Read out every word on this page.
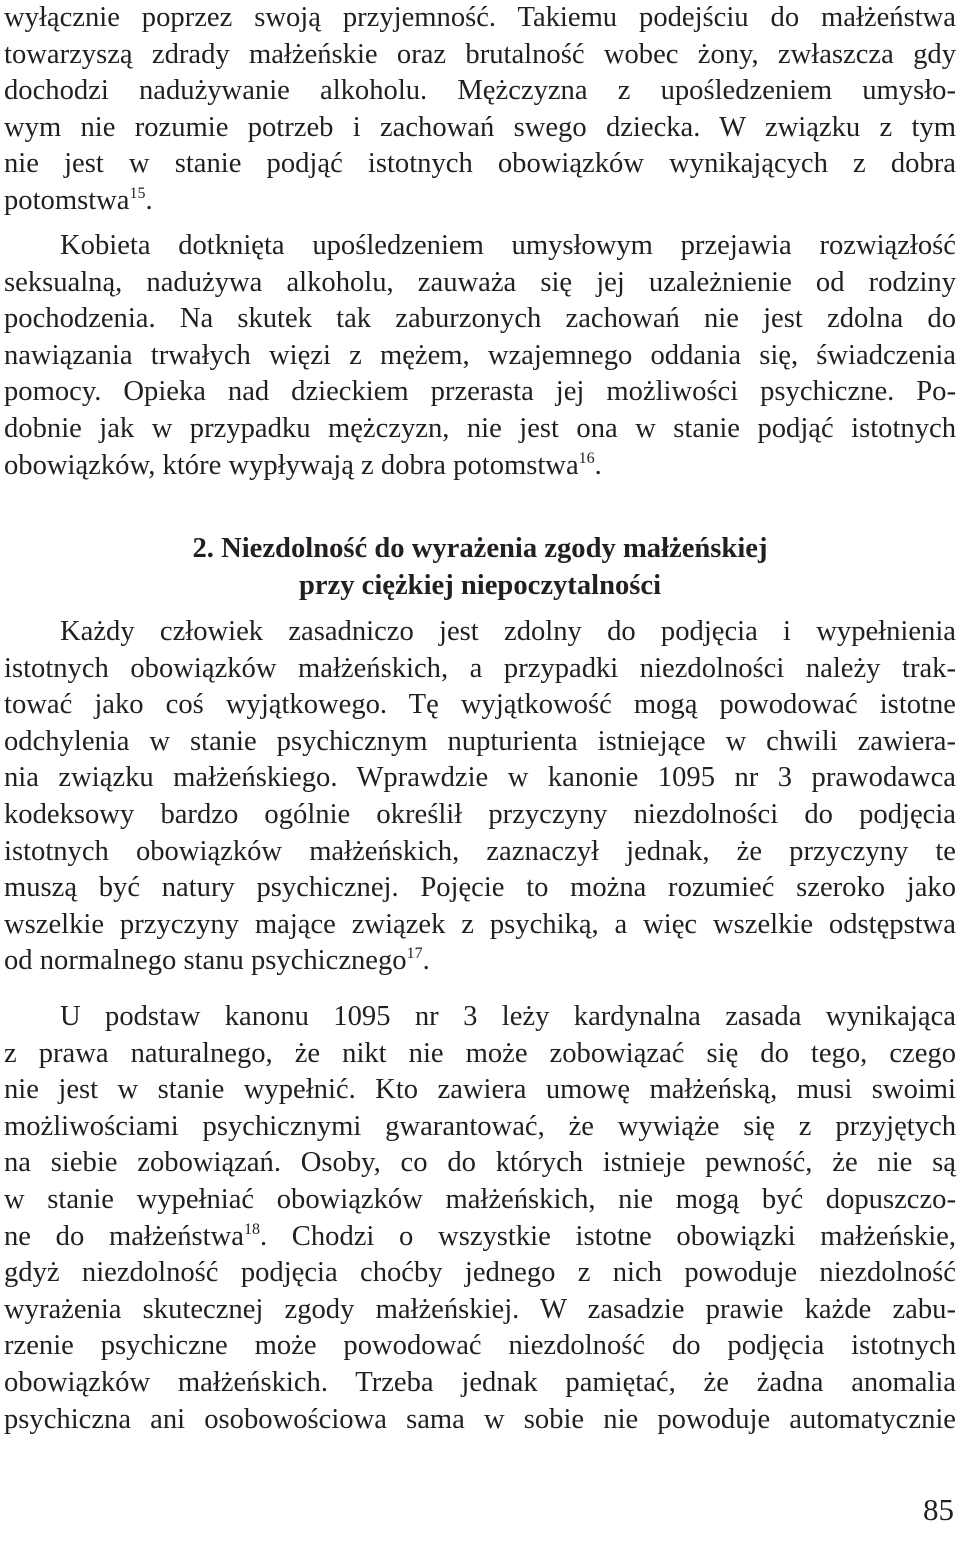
wyłącznie poprzez swoją przyjemność. Takiemu podejściu do małżeństwa
towarzyszą zdrady małżeńskie oraz brutalność wobec żony, zwłaszcza gdy
dochodzi nadużywanie alkoholu. Mężczyzna z upośledzeniem umysło-
wym nie rozumie potrzeb i zachowań swego dziecka. W związku z tym
nie jest w stanie podjąć istotnych obowiązków wynikających z dobra
potomstwa$^{15}$.
Kobieta dotknięta upośledzeniem umysłowym przejawia rozwiązłość
seksualną, nadużywa alkoholu, zauważa się jej uzależnienie od rodziny
pochodzenia. Na skutek tak zaburzonych zachowań nie jest zdolna do
nawiązania trwałych więzi z mężem, wzajemnego oddania się, świadczenia
pomocy. Opieka nad dzieckiem przerasta jej możliwości psychiczne. Po-
dobnie jak w przypadku mężczyzn, nie jest ona w stanie podjąć istotnych
obowiązków, które wypływają z dobra potomstwa$^{16}$.
2. Niezdolność do wyrażenia zgody małżeńskiej
przy ciężkiej niepoczytalności
Każdy człowiek zasadniczo jest zdolny do podjęcia i wypełnienia
istotnych obowiązków małżeńskich, a przypadki niezdolności należy trak-
tować jako coś wyjątkowego. Tę wyjątkowość mogą powodować istotne
odchylenia w stanie psychicznym nupturienta istniejące w chwili zawiera-
nia związku małżeńskiego. Wprawdzie w kanonie 1095 nr 3 prawodawca
kodeksowy bardzo ogólnie określił przyczyny niezdolności do podjęcia
istotnych obowiązków małżeńskich, zaznaczył jednak, że przyczyny te
muszą być natury psychicznej. Pojęcie to można rozumieć szeroko jako
wszelkie przyczyny mające związek z psychiką, a więc wszelkie odstępstwa
od normalnego stanu psychicznego$^{17}$.
U podstaw kanonu 1095 nr 3 leży kardynalna zasada wynikająca
z prawa naturalnego, że nikt nie może zobowiązać się do tego, czego
nie jest w stanie wypełnić. Kto zawiera umowę małżeńską, musi swoimi
możliwościami psychicznymi gwarantować, że wywiąże się z przyjętych
na siebie zobowiązań. Osoby, co do których istnieje pewność, że nie są
w stanie wypełniać obowiązków małżeńskich, nie mogą być dopuszczo-
ne do małżeństwa$^{18}$. Chodzi o wszystkie istotne obowiązki małżeńskie,
gdyż niezdolność podjęcia choćby jednego z nich powoduje niezdolność
wyrażenia skutecznej zgody małżeńskiej. W zasadzie prawie każde zabu-
rzenie psychiczne może powodować niezdolność do podjęcia istotnych
obowiązków małżeńskich. Trzeba jednak pamiętać, że żadna anomalia
psychiczna ani osobowościowa sama w sobie nie powoduje automatycznie
85
